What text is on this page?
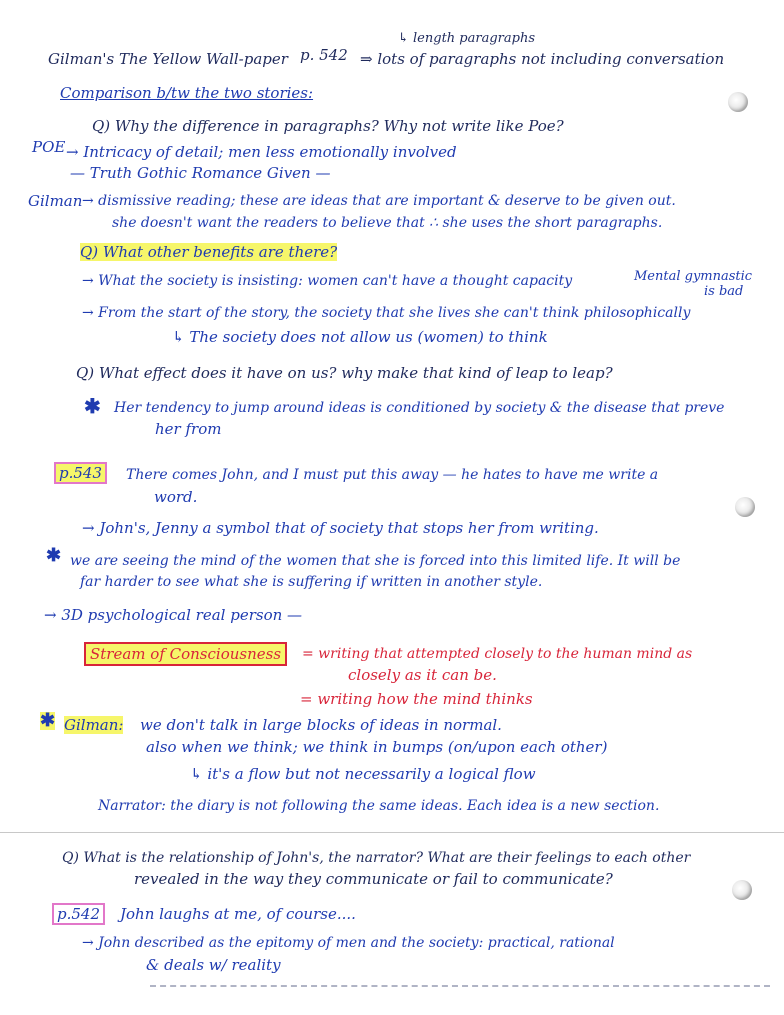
↳ length paragraphs
Gilman's The Yellow Wall-paper p. 542 ⇒ lots of paragraphs not including conversation
Comparison b/tw the two stories:
Q) Why the difference in paragraphs? Why not write like Poe?
POE → Intricacy of detail; men less emotionally involved
— Truth Gothic Romance Given —
Gilman → dismissive reading; these are ideas that are important & deserve to be given out.
she doesn't want the readers to believe that ∴ she uses the short paragraphs.
Q) What other benefits are there?
→ What the society is insisting: women can't have a thought capacity	Mental gymnastic
is bad
→ From the start of the story, the society that she lives she can't think philosophically
↳ The society does not allow us (women) to think
Q) What effect does it have on us? why make that kind of leap to leap?
✱ Her tendency to jump around ideas is conditioned by society & the disease that preve
her from
p.543	There comes John, and I must put this away — he hates to have me write a
word.
→ John's, Jenny a symbol that of society that stops her from writing.
✱ we are seeing the mind of the women that she is forced into this limited life. It will be
far harder to see what she is suffering if written in another style.
→ 3D psychological real person —
Stream of Consciousness	= writing that attempted closely to the human mind as
closely as it can be.
= writing how the mind thinks
✱ Gilman: we don't talk in large blocks of ideas in normal.
also when we think; we think in bumps (on/upon each other)
↳ it's a flow but not necessarily a logical flow
Narrator: the diary is not following the same ideas. Each idea is a new section.
Q) What is the relationship of John's, the narrator? What are their feelings to each other
revealed in the way they communicate or fail to communicate?
p.542	John laughs at me, of course....
→ John described as the epitomy of men and the society: practical, rational
& deals w/ reality
